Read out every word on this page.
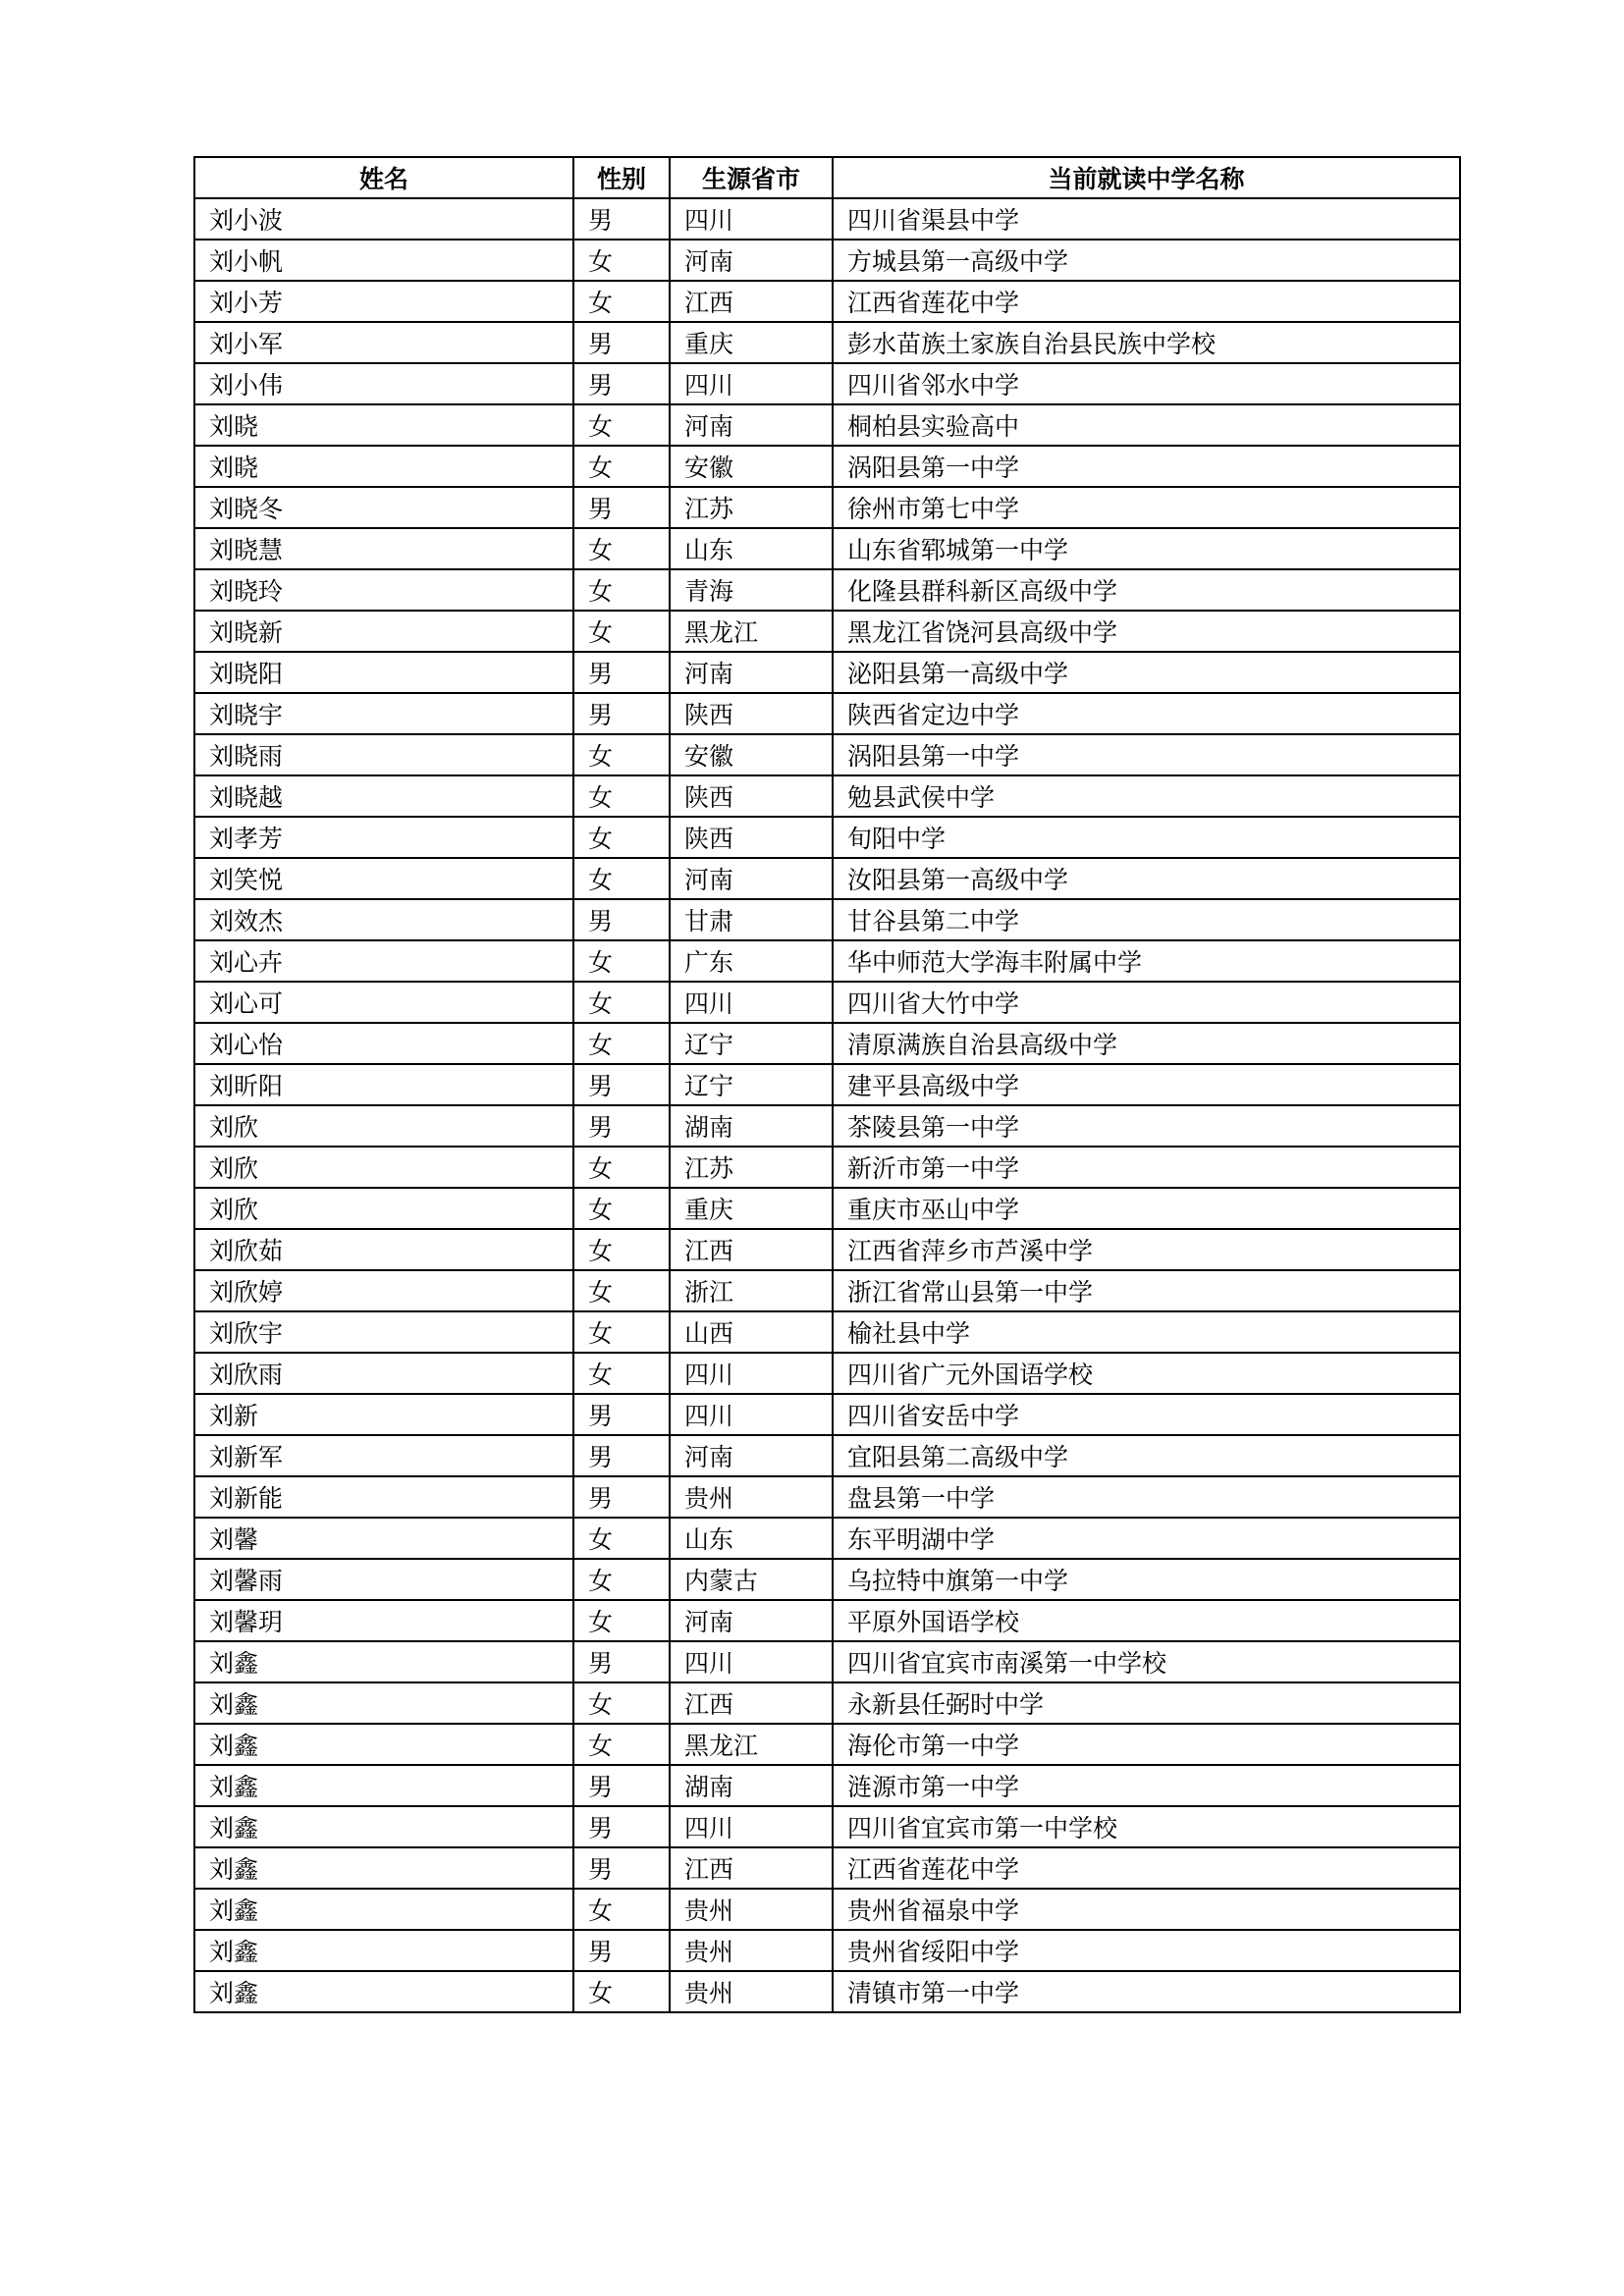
姓名	性别	生源省市	当前就读中学名称
刘小波	男	四川	四川省渠县中学
刘小帆	女	河南	方城县第一高级中学
刘小芳	女	江西	江西省莲花中学
刘小军	男	重庆	彭水苗族土家族自治县民族中学校
刘小伟	男	四川	四川省邻水中学
刘晓	女	河南	桐柏县实验高中
刘晓	女	安徽	涡阳县第一中学
刘晓冬	男	江苏	徐州市第七中学
刘晓慧	女	山东	山东省郓城第一中学
刘晓玲	女	青海	化隆县群科新区高级中学
刘晓新	女	黑龙江	黑龙江省饶河县高级中学
刘晓阳	男	河南	泌阳县第一高级中学
刘晓宇	男	陕西	陕西省定边中学
刘晓雨	女	安徽	涡阳县第一中学
刘晓越	女	陕西	勉县武侯中学
刘孝芳	女	陕西	旬阳中学
刘笑悦	女	河南	汝阳县第一高级中学
刘效杰	男	甘肃	甘谷县第二中学
刘心卉	女	广东	华中师范大学海丰附属中学
刘心可	女	四川	四川省大竹中学
刘心怡	女	辽宁	清原满族自治县高级中学
刘昕阳	男	辽宁	建平县高级中学
刘欣	男	湖南	茶陵县第一中学
刘欣	女	江苏	新沂市第一中学
刘欣	女	重庆	重庆市巫山中学
刘欣茹	女	江西	江西省萍乡市芦溪中学
刘欣婷	女	浙江	浙江省常山县第一中学
刘欣宇	女	山西	榆社县中学
刘欣雨	女	四川	四川省广元外国语学校
刘新	男	四川	四川省安岳中学
刘新军	男	河南	宜阳县第二高级中学
刘新能	男	贵州	盘县第一中学
刘馨	女	山东	东平明湖中学
刘馨雨	女	内蒙古	乌拉特中旗第一中学
刘馨玥	女	河南	平原外国语学校
刘鑫	男	四川	四川省宜宾市南溪第一中学校
刘鑫	女	江西	永新县任弼时中学
刘鑫	女	黑龙江	海伦市第一中学
刘鑫	男	湖南	涟源市第一中学
刘鑫	男	四川	四川省宜宾市第一中学校
刘鑫	男	江西	江西省莲花中学
刘鑫	女	贵州	贵州省福泉中学
刘鑫	男	贵州	贵州省绥阳中学
刘鑫	女	贵州	清镇市第一中学
